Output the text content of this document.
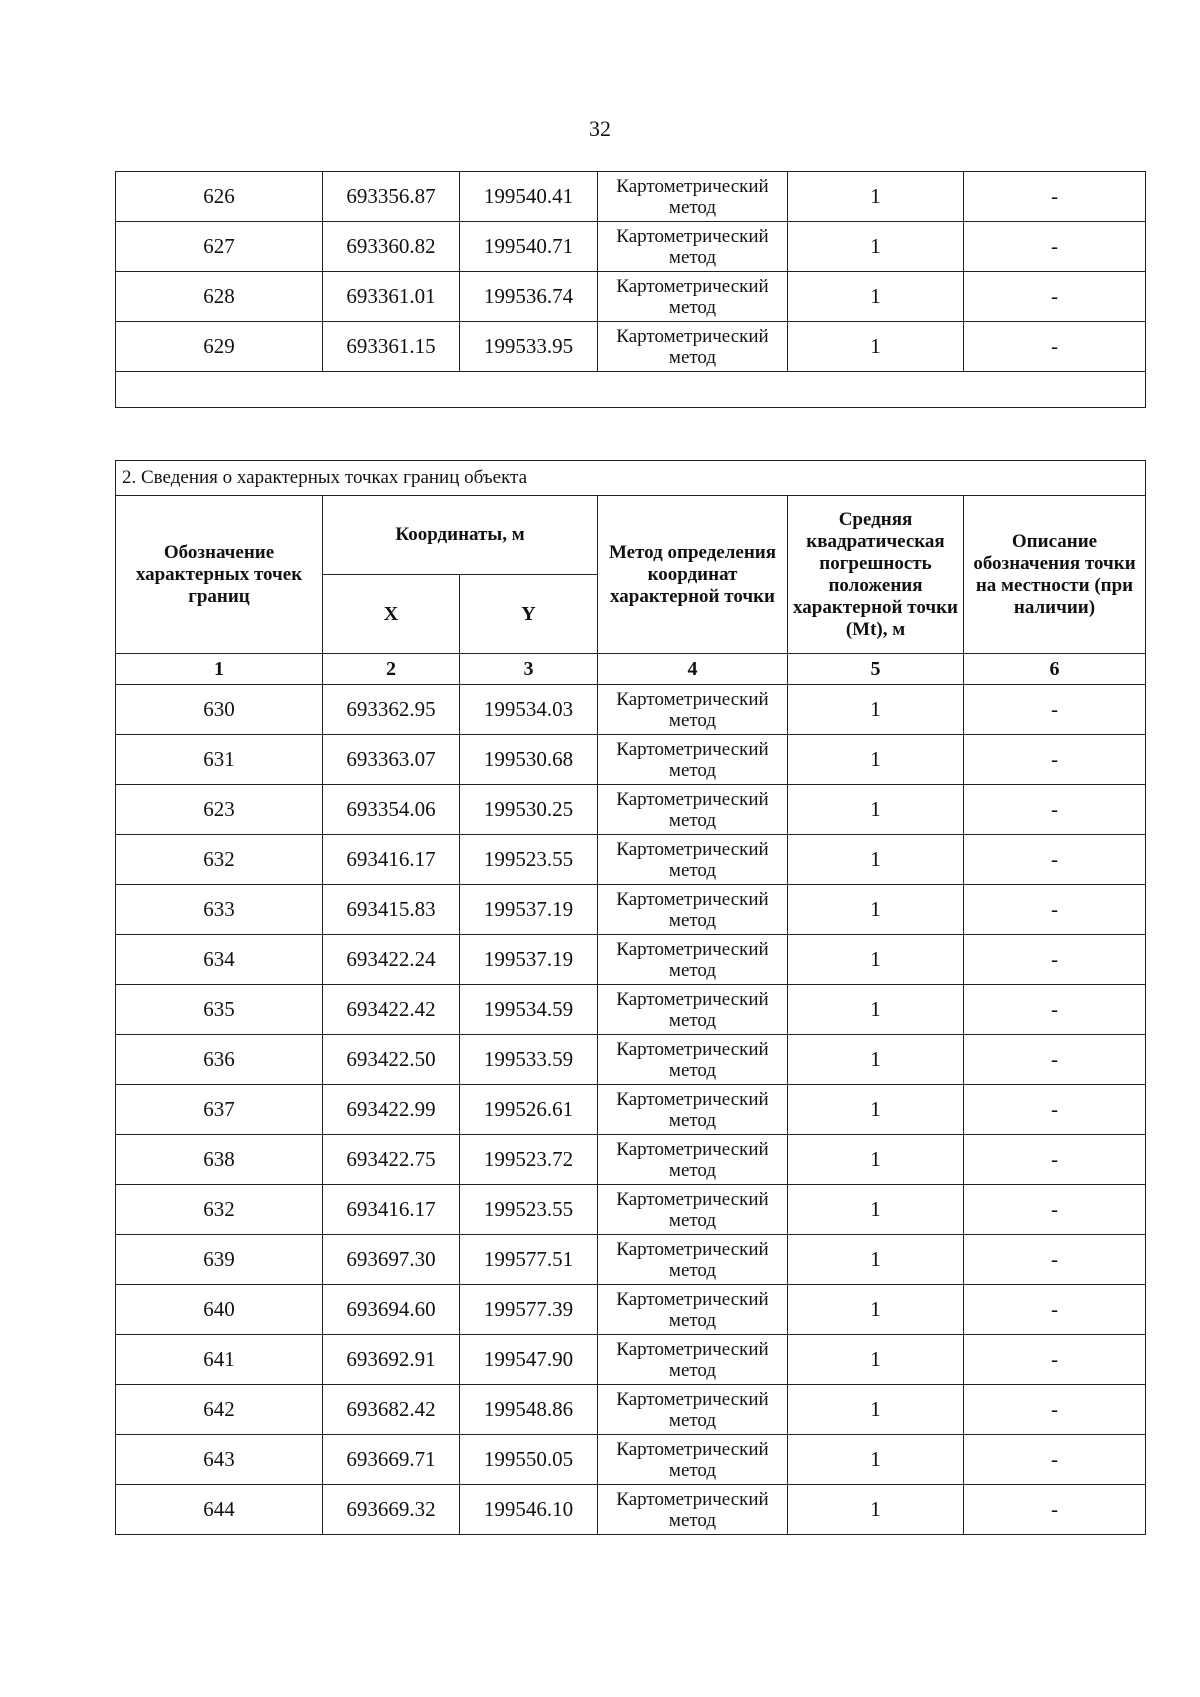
32
626	693356.87	199540.41	Картометрический метод	1	-
627	693360.82	199540.71	Картометрический метод	1	-
628	693361.01	199536.74	Картометрический метод	1	-
629	693361.15	199533.95	Картометрический метод	1	-

2. Сведения о характерных точках границ объекта					
Обозначение характерных точек границ	Координаты, м		Метод определения координат характерной точки	Средняя квадратическая погрешность положения характерной точки (Mt), м	Описание обозначения точки на местности (при наличии)
	X	Y			
1	2	3	4	5	6
630	693362.95	199534.03	Картометрический метод	1	-
631	693363.07	199530.68	Картометрический метод	1	-
623	693354.06	199530.25	Картометрический метод	1	-
632	693416.17	199523.55	Картометрический метод	1	-
633	693415.83	199537.19	Картометрический метод	1	-
634	693422.24	199537.19	Картометрический метод	1	-
635	693422.42	199534.59	Картометрический метод	1	-
636	693422.50	199533.59	Картометрический метод	1	-
637	693422.99	199526.61	Картометрический метод	1	-
638	693422.75	199523.72	Картометрический метод	1	-
632	693416.17	199523.55	Картометрический метод	1	-
639	693697.30	199577.51	Картометрический метод	1	-
640	693694.60	199577.39	Картометрический метод	1	-
641	693692.91	199547.90	Картометрический метод	1	-
642	693682.42	199548.86	Картометрический метод	1	-
643	693669.71	199550.05	Картометрический метод	1	-
644	693669.32	199546.10	Картометрический метод	1	-
